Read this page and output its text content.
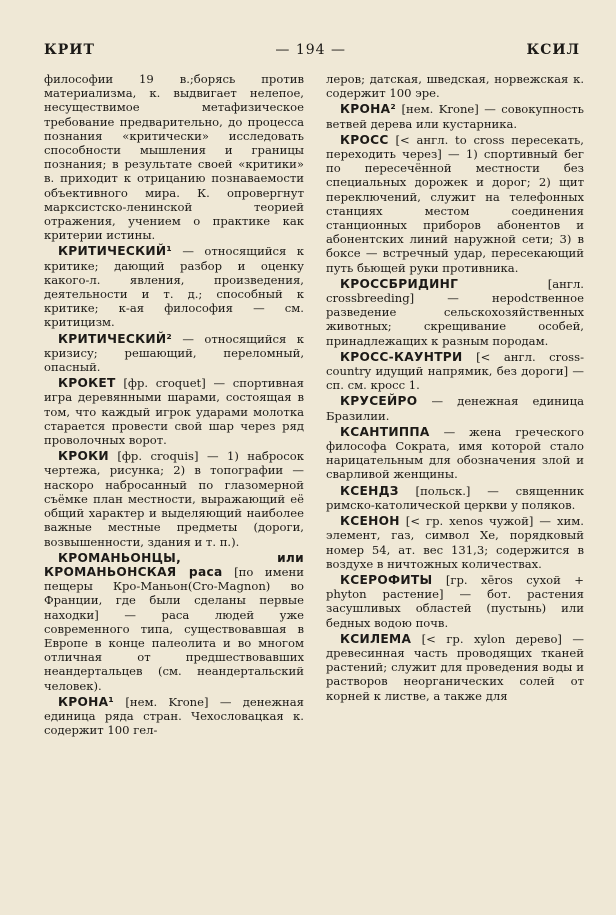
КРИТ	— 194 —	КСИЛ

философии 19 в.;борясь против материализма, к. выдвигает нелепое, несуществимое метафизическое требование предварительно, до процесса познания «критически» исследовать способности мышления и границы познания; в результате своей «критики» в. приходит к отрицанию познаваемости объективного мира. К. опровергнут марксистско-ленинской теорией отражения, учением о практике как критерии истины.

КРИТИЧЕСКИЙ¹ — относящийся к критике; дающий разбор и оценку какого-л. явления, произведения, деятельности и т. д.; способный к критике; к-ая философия — см. критицизм.

КРИТИЧЕСКИЙ² — относящийся к кризису; решающий, переломный, опасный.

КРОКЕТ [фр. croquet] — спортивная игра деревянными шарами, состоящая в том, что каждый игрок ударами молотка старается провести свой шар через ряд проволочных ворот.

КРОКИ [фр. croquis] — 1) набросок чертежа, рисунка; 2) в топографии — наскоро набросанный по глазомерной съёмке план местности, выражающий её общий характер и выделяющий наиболее важные местные предметы (дороги, возвышенности, здания и т. п.).

КРОМАНЬОНЦЫ, или КРОМАНЬОНСКАЯ раса [по имени пещеры Кро-Маньон(Cro-Magnon) во Франции, где были сделаны первые находки] — раса людей уже современного типа, существовавшая в Европе в конце палеолита и во многом отличная от предшествовавших неандертальцев (см. неандертальский человек).

КРОНА¹ [нем. Krone] — денежная единица ряда стран. Чехословацкая к. содержит 100 гел-

леров; датская, шведская, норвежская к. содержит 100 эре.

КРОНА² [нем. Krone] — совокупность ветвей дерева или кустарника.

КРОСС [< англ. to cross пересекать, переходить через] — 1) спортивный бег по пересечённой местности без специальных дорожек и дорог; 2) щит переключений, служит на телефонных станциях местом соединения станционных приборов абонентов и абонентских линий наружной сети; 3) в боксе — встречный удар, пересекающий путь бьющей руки противника.

КРОССБРИДИНГ [англ. crossbreeding] — нерodственное разведение сельскохозяйственных животных; скрещивание особей, принадлежащих к разным породам.

КРОСС-КАУНТРИ [< англ. cross-country идущий напрямик, без дороги] — сп. см. кросс 1.

КРУСЕЙРО — денежная единица Бразилии.

КСАНТИППА — жена греческого философа Сократа, имя которой стало нарицательным для обозначения злой и сварливой женщины.

КСЕНДЗ [польск.] — священник римско-католической церкви у поляков.

КСЕНОН [< гр. xenos чужой] — хим. элемент, газ, символ Xe, порядковый номер 54, ат. вес 131,3; содержится в воздухе в ничтожных количествах.

КСЕРОФИТЫ [гр. xēros сухой + phyton растение] — бот. растения засушливых областей (пустынь) или бедных водою почв.

КСИЛЕМА [< гр. xylon дерево] — древесинная часть проводящих тканей растений; служит для проведения воды и растворов неорганических солей от корней к листве, а также для
